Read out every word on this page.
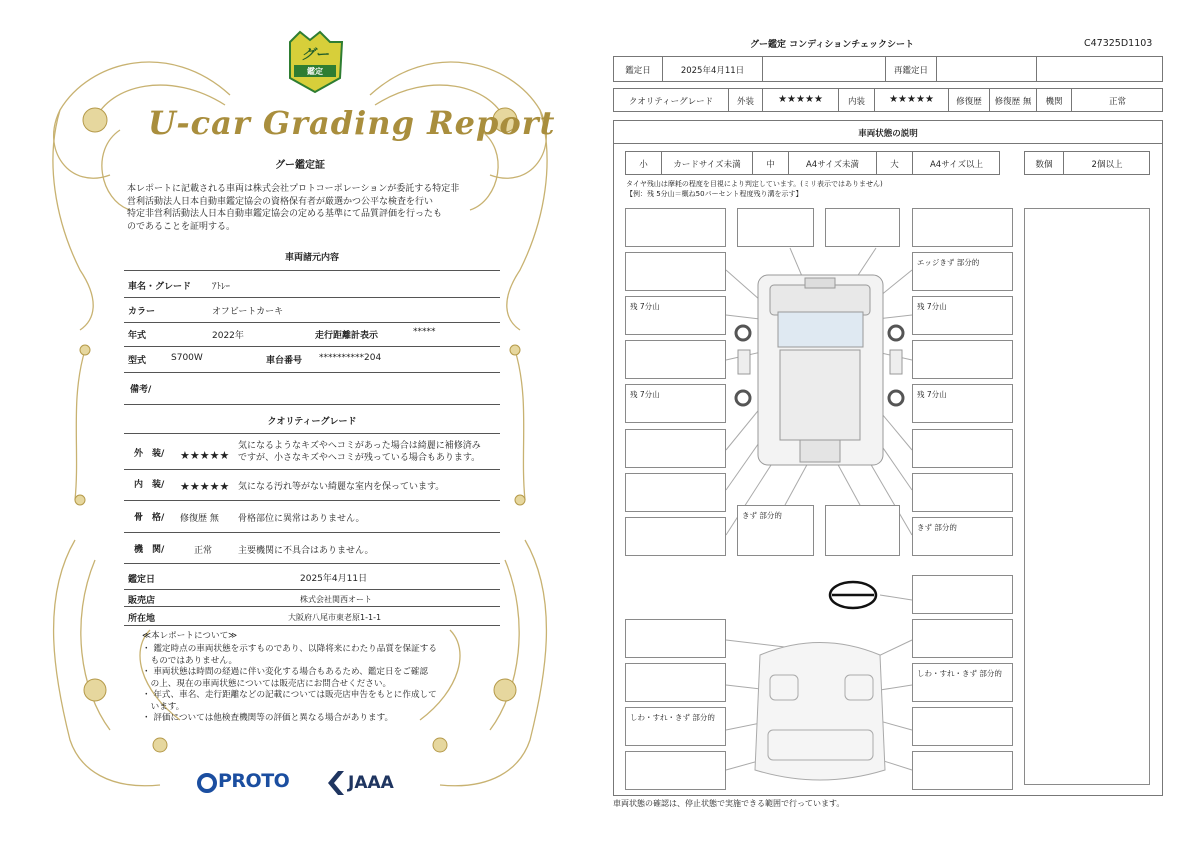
グー
鑑定
U-car Grading Report
グー鑑定証
本レポートに記載される車両は株式会社プロトコーポレーションが委託する特定非
営利活動法人日本自動車鑑定協会の資格保有者が厳選かつ公平な検査を行い
特定非営利活動法人日本自動車鑑定協会の定める基準にて品質評価を行ったも
のであることを証明する。
車両諸元内容
車名・グレード ｱﾄﾚｰ
カラー	オフビートカーキ
年式	2022年	走行距離計表示	*****
型式	S700W	車台番号 **********204
備考/
クオリティーグレード
外　装/ ★★★★★
気になるようなキズやヘコミがあった場合は綺麗に補修済み
ですが、小さなキズやヘコミが残っている場合もあります。
内　装/ ★★★★★ 気になる汚れ等がない綺麗な室内を保っています。
骨　格/ 修復歴 無 骨格部位に異常はありません。
機　関/	正常	主要機関に不具合はありません。
鑑定日	2025年4月11日
販売店	株式会社関西オート
所在地	大阪府八尾市東老原1-1-1
≪本レポートについて≫
・ 鑑定時点の車両状態を示すものであり、以降将来にわたり品質を保証する
　ものではありません。
・ 車両状態は時間の経過に伴い変化する場合もあるため、鑑定日をご確認
　の上、現在の車両状態については販売店にお問合せください。
・ 年式、車名、走行距離などの記載については販売店申告をもとに作成して
　います。
・ 評価については他検査機関等の評価と異なる場合があります。
PROTO	JAAA
グー鑑定 コンディションチェックシート	C47325D1103
鑑定日	2025年4月11日	再鑑定日
クオリティーグレード	外装	★★★★★	内装	★★★★★	修復歴	修復歴 無	機関	正常
車両状態の説明
小	カードサイズ未満	中	A4サイズ未満	大	A4サイズ以上	数個	2個以上
タイヤ残山は摩耗の程度を目視により判定しています。(ミリ表示ではありません)
【例：残 5分山＝概ね50パーセント程度残り溝を示す】
エッジきず 部分的
残 7分山	残 7分山
残 7分山	残 7分山
きず 部分的
きず 部分的
しわ・すれ・きず 部分的
しわ・すれ・きず 部分的
車両状態の確認は、停止状態で実施できる範囲で行っています。
